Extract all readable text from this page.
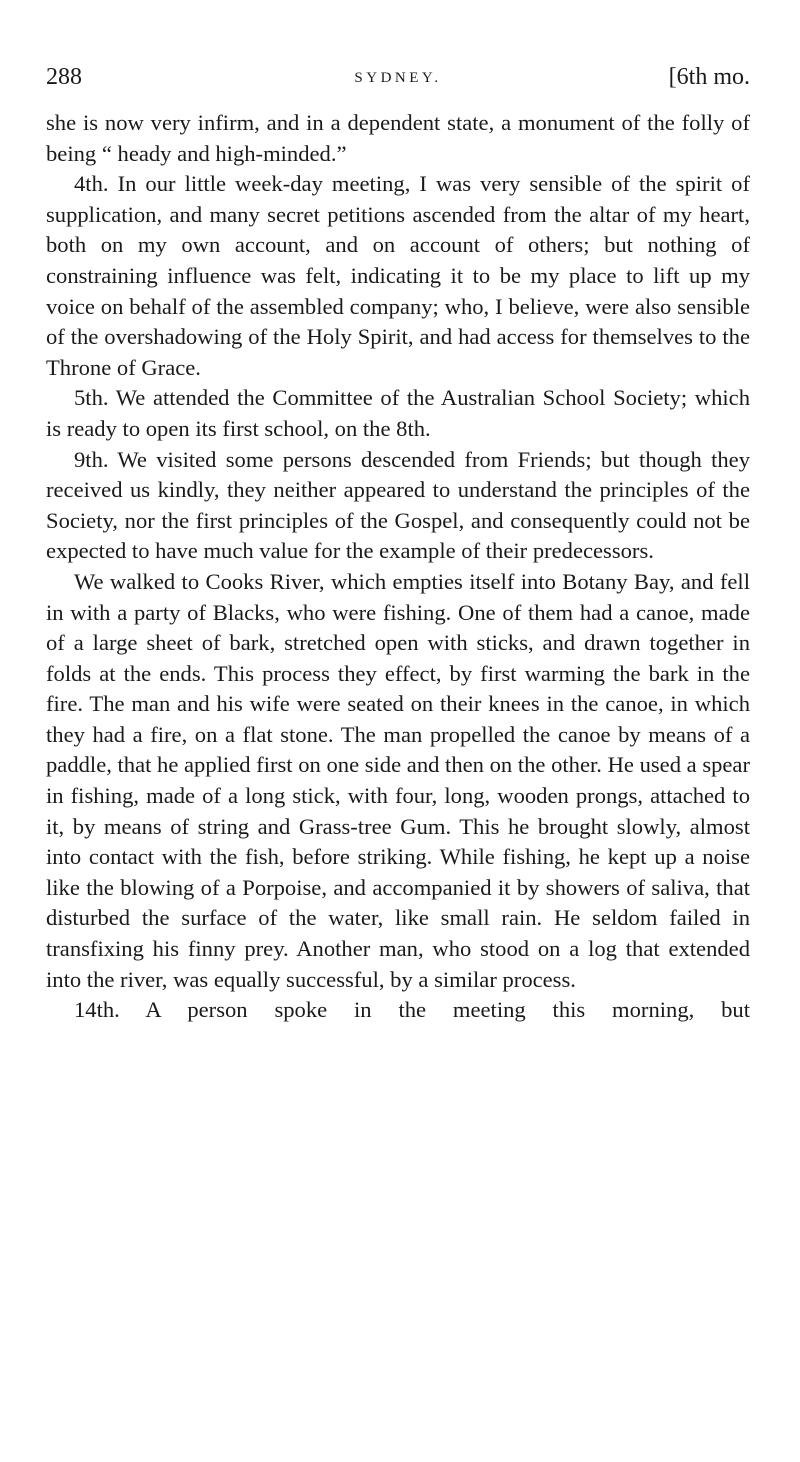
288	SYDNEY.	[6th mo.

she is now very infirm, and in a dependent state, a monument of the folly of being “ heady and high-minded.”

4th. In our little week-day meeting, I was very sensible of the spirit of supplication, and many secret petitions ascended from the altar of my heart, both on my own account, and on account of others; but nothing of constraining influence was felt, indicating it to be my place to lift up my voice on behalf of the assembled company; who, I believe, were also sensible of the overshadowing of the Holy Spirit, and had access for themselves to the Throne of Grace.

5th. We attended the Committee of the Australian School Society; which is ready to open its first school, on the 8th.

9th. We visited some persons descended from Friends; but though they received us kindly, they neither appeared to understand the principles of the Society, nor the first principles of the Gospel, and consequently could not be expected to have much value for the example of their predecessors.

We walked to Cooks River, which empties itself into Botany Bay, and fell in with a party of Blacks, who were fishing. One of them had a canoe, made of a large sheet of bark, stretched open with sticks, and drawn together in folds at the ends. This process they effect, by first warming the bark in the fire. The man and his wife were seated on their knees in the canoe, in which they had a fire, on a flat stone. The man propelled the canoe by means of a paddle, that he applied first on one side and then on the other. He used a spear in fishing, made of a long stick, with four, long, wooden prongs, attached to it, by means of string and Grass-tree Gum. This he brought slowly, almost into contact with the fish, before striking. While fishing, he kept up a noise like the blowing of a Porpoise, and accompanied it by showers of saliva, that disturbed the surface of the water, like small rain. He seldom failed in transfixing his finny prey. Another man, who stood on a log that extended into the river, was equally successful, by a similar process.

14th. A person spoke in the meeting this morning, but
